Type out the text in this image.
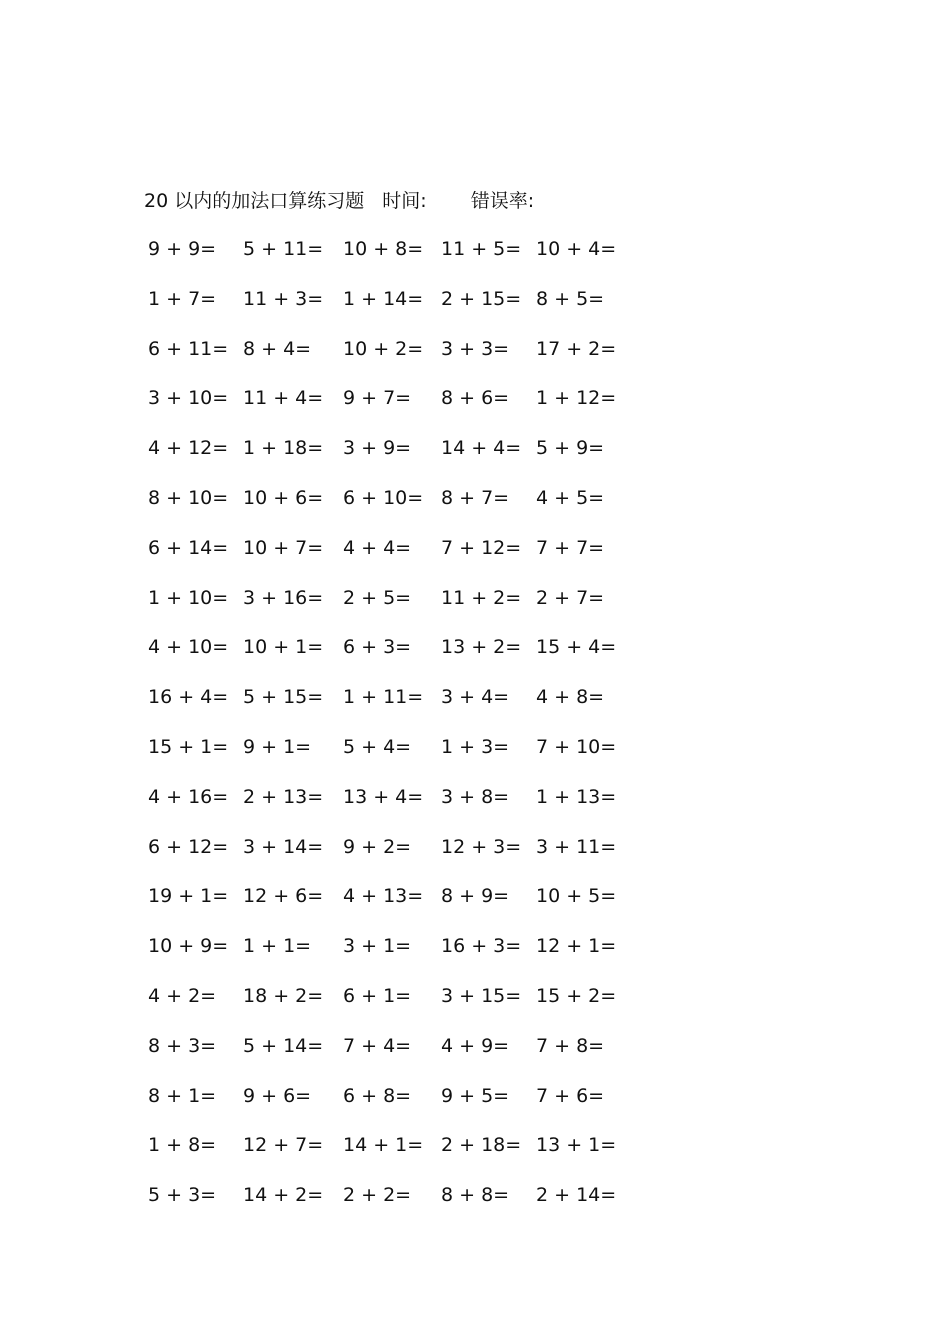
20 以内的加法口算练习题 时间: 错误率:
9 + 9= 5 + 11= 10 + 8= 11 + 5= 10 + 4=
1 + 7= 11 + 3= 1 + 14= 2 + 15= 8 + 5=
6 + 11= 8 + 4= 10 + 2= 3 + 3= 17 + 2=
3 + 10= 11 + 4= 9 + 7= 8 + 6= 1 + 12=
4 + 12= 1 + 18= 3 + 9= 14 + 4= 5 + 9=
8 + 10= 10 + 6= 6 + 10= 8 + 7= 4 + 5=
6 + 14= 10 + 7= 4 + 4= 7 + 12= 7 + 7=
1 + 10= 3 + 16= 2 + 5= 11 + 2= 2 + 7=
4 + 10= 10 + 1= 6 + 3= 13 + 2= 15 + 4=
16 + 4= 5 + 15= 1 + 11= 3 + 4= 4 + 8=
15 + 1= 9 + 1= 5 + 4= 1 + 3= 7 + 10=
4 + 16= 2 + 13= 13 + 4= 3 + 8= 1 + 13=
6 + 12= 3 + 14= 9 + 2= 12 + 3= 3 + 11=
19 + 1= 12 + 6= 4 + 13= 8 + 9= 10 + 5=
10 + 9= 1 + 1= 3 + 1= 16 + 3= 12 + 1=
4 + 2= 18 + 2= 6 + 1= 3 + 15= 15 + 2=
8 + 3= 5 + 14= 7 + 4= 4 + 9= 7 + 8=
8 + 1= 9 + 6= 6 + 8= 9 + 5= 7 + 6=
1 + 8= 12 + 7= 14 + 1= 2 + 18= 13 + 1=
5 + 3= 14 + 2= 2 + 2= 8 + 8= 2 + 14=
